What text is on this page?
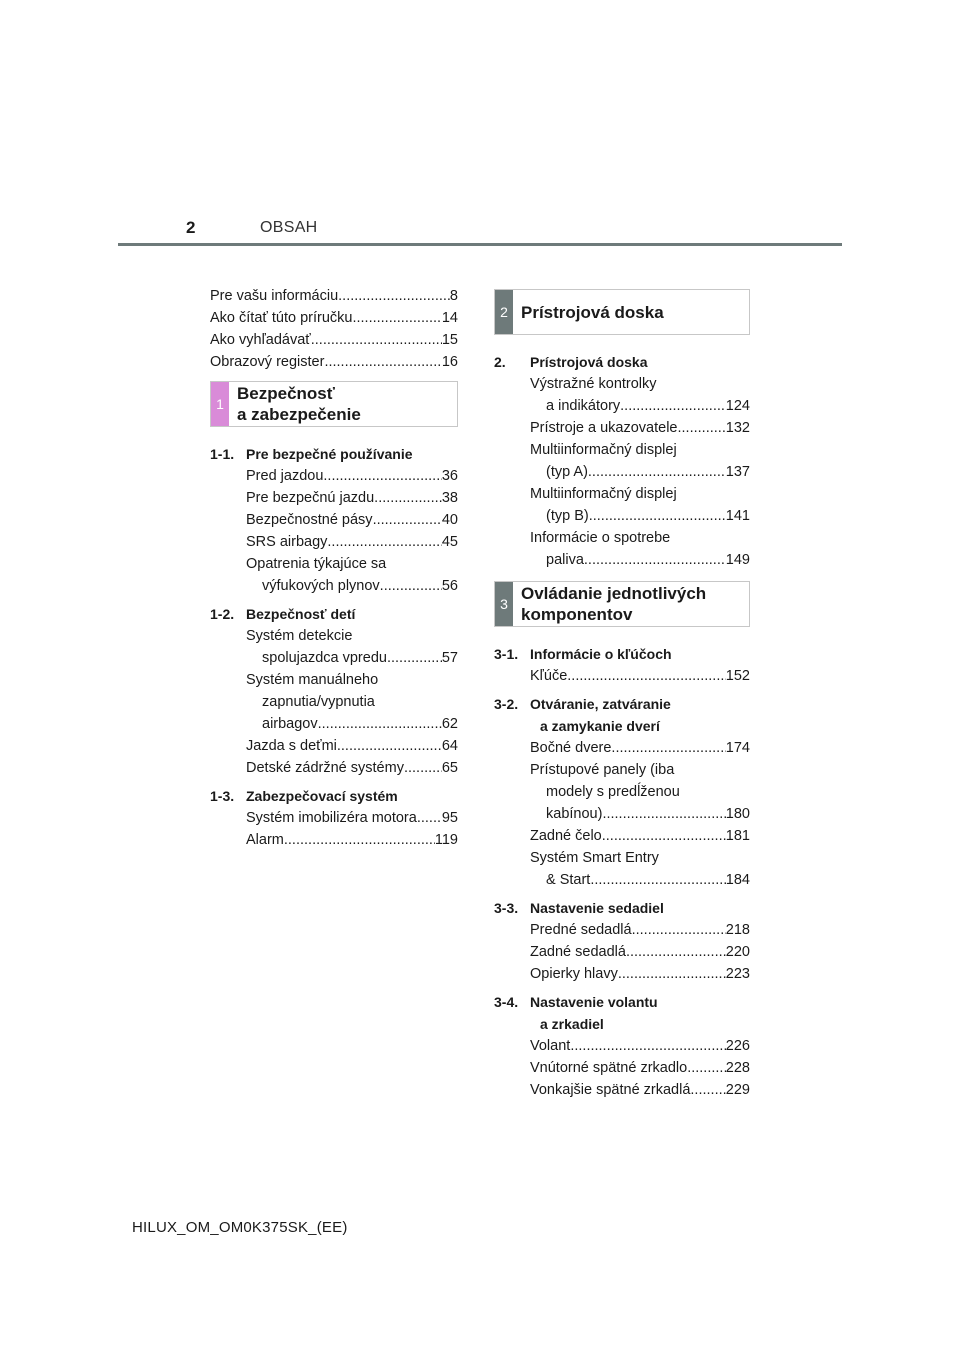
2	OBSAH
Pre vašu informáciu .....	8
Ako čítať túto príručku .....	14
Ako vyhľadávať .....	15
Obrazový register .....	16
1
Bezpečnosť
a zabezpečenie
1-1. Pre bezpečné používanie
Pred jazdou .....	36
Pre bezpečnú jazdu .....	38
Bezpečnostné pásy .....	40
SRS airbagy .....	45
Opatrenia týkajúce sa
výfukových plynov .....	56
1-2. Bezpečnosť detí
Systém detekcie
spolujazdca vpredu .....	57
Systém manuálneho
zapnutia/vypnutia
airbagov .....	62
Jazda s deťmi .....	64
Detské zádržné systémy .....	65
1-3. Zabezpečovací systém
Systém imobilizéra motora ..... 95
Alarm .....	119
2 Prístrojová doska
2. Prístrojová doska
Výstražné kontrolky
a indikátory .....	124
Prístroje a ukazovatele .....	132
Multiinformačný displej
(typ A) .....	137
Multiinformačný displej
(typ B) .....	141
Informácie o spotrebe
paliva .....	149
3
Ovládanie jednotlivých
komponentov
3-1. Informácie o kľúčoch
Kľúče .....	152
3-2. Otváranie, zatváranie
a zamykanie dverí
Bočné dvere .....	174
Prístupové panely (iba
modely s predĺženou
kabínou) .....	180
Zadné čelo .....	181
Systém Smart Entry
& Start .....	184
3-3. Nastavenie sedadiel
Predné sedadlá .....	218
Zadné sedadlá .....	220
Opierky hlavy .....	223
3-4. Nastavenie volantu
a zrkadiel
Volant .....	226
Vnútorné spätné zrkadlo .....	228
Vonkajšie spätné zrkadlá ..... 229
HILUX_OM_OM0K375SK_(EE)
